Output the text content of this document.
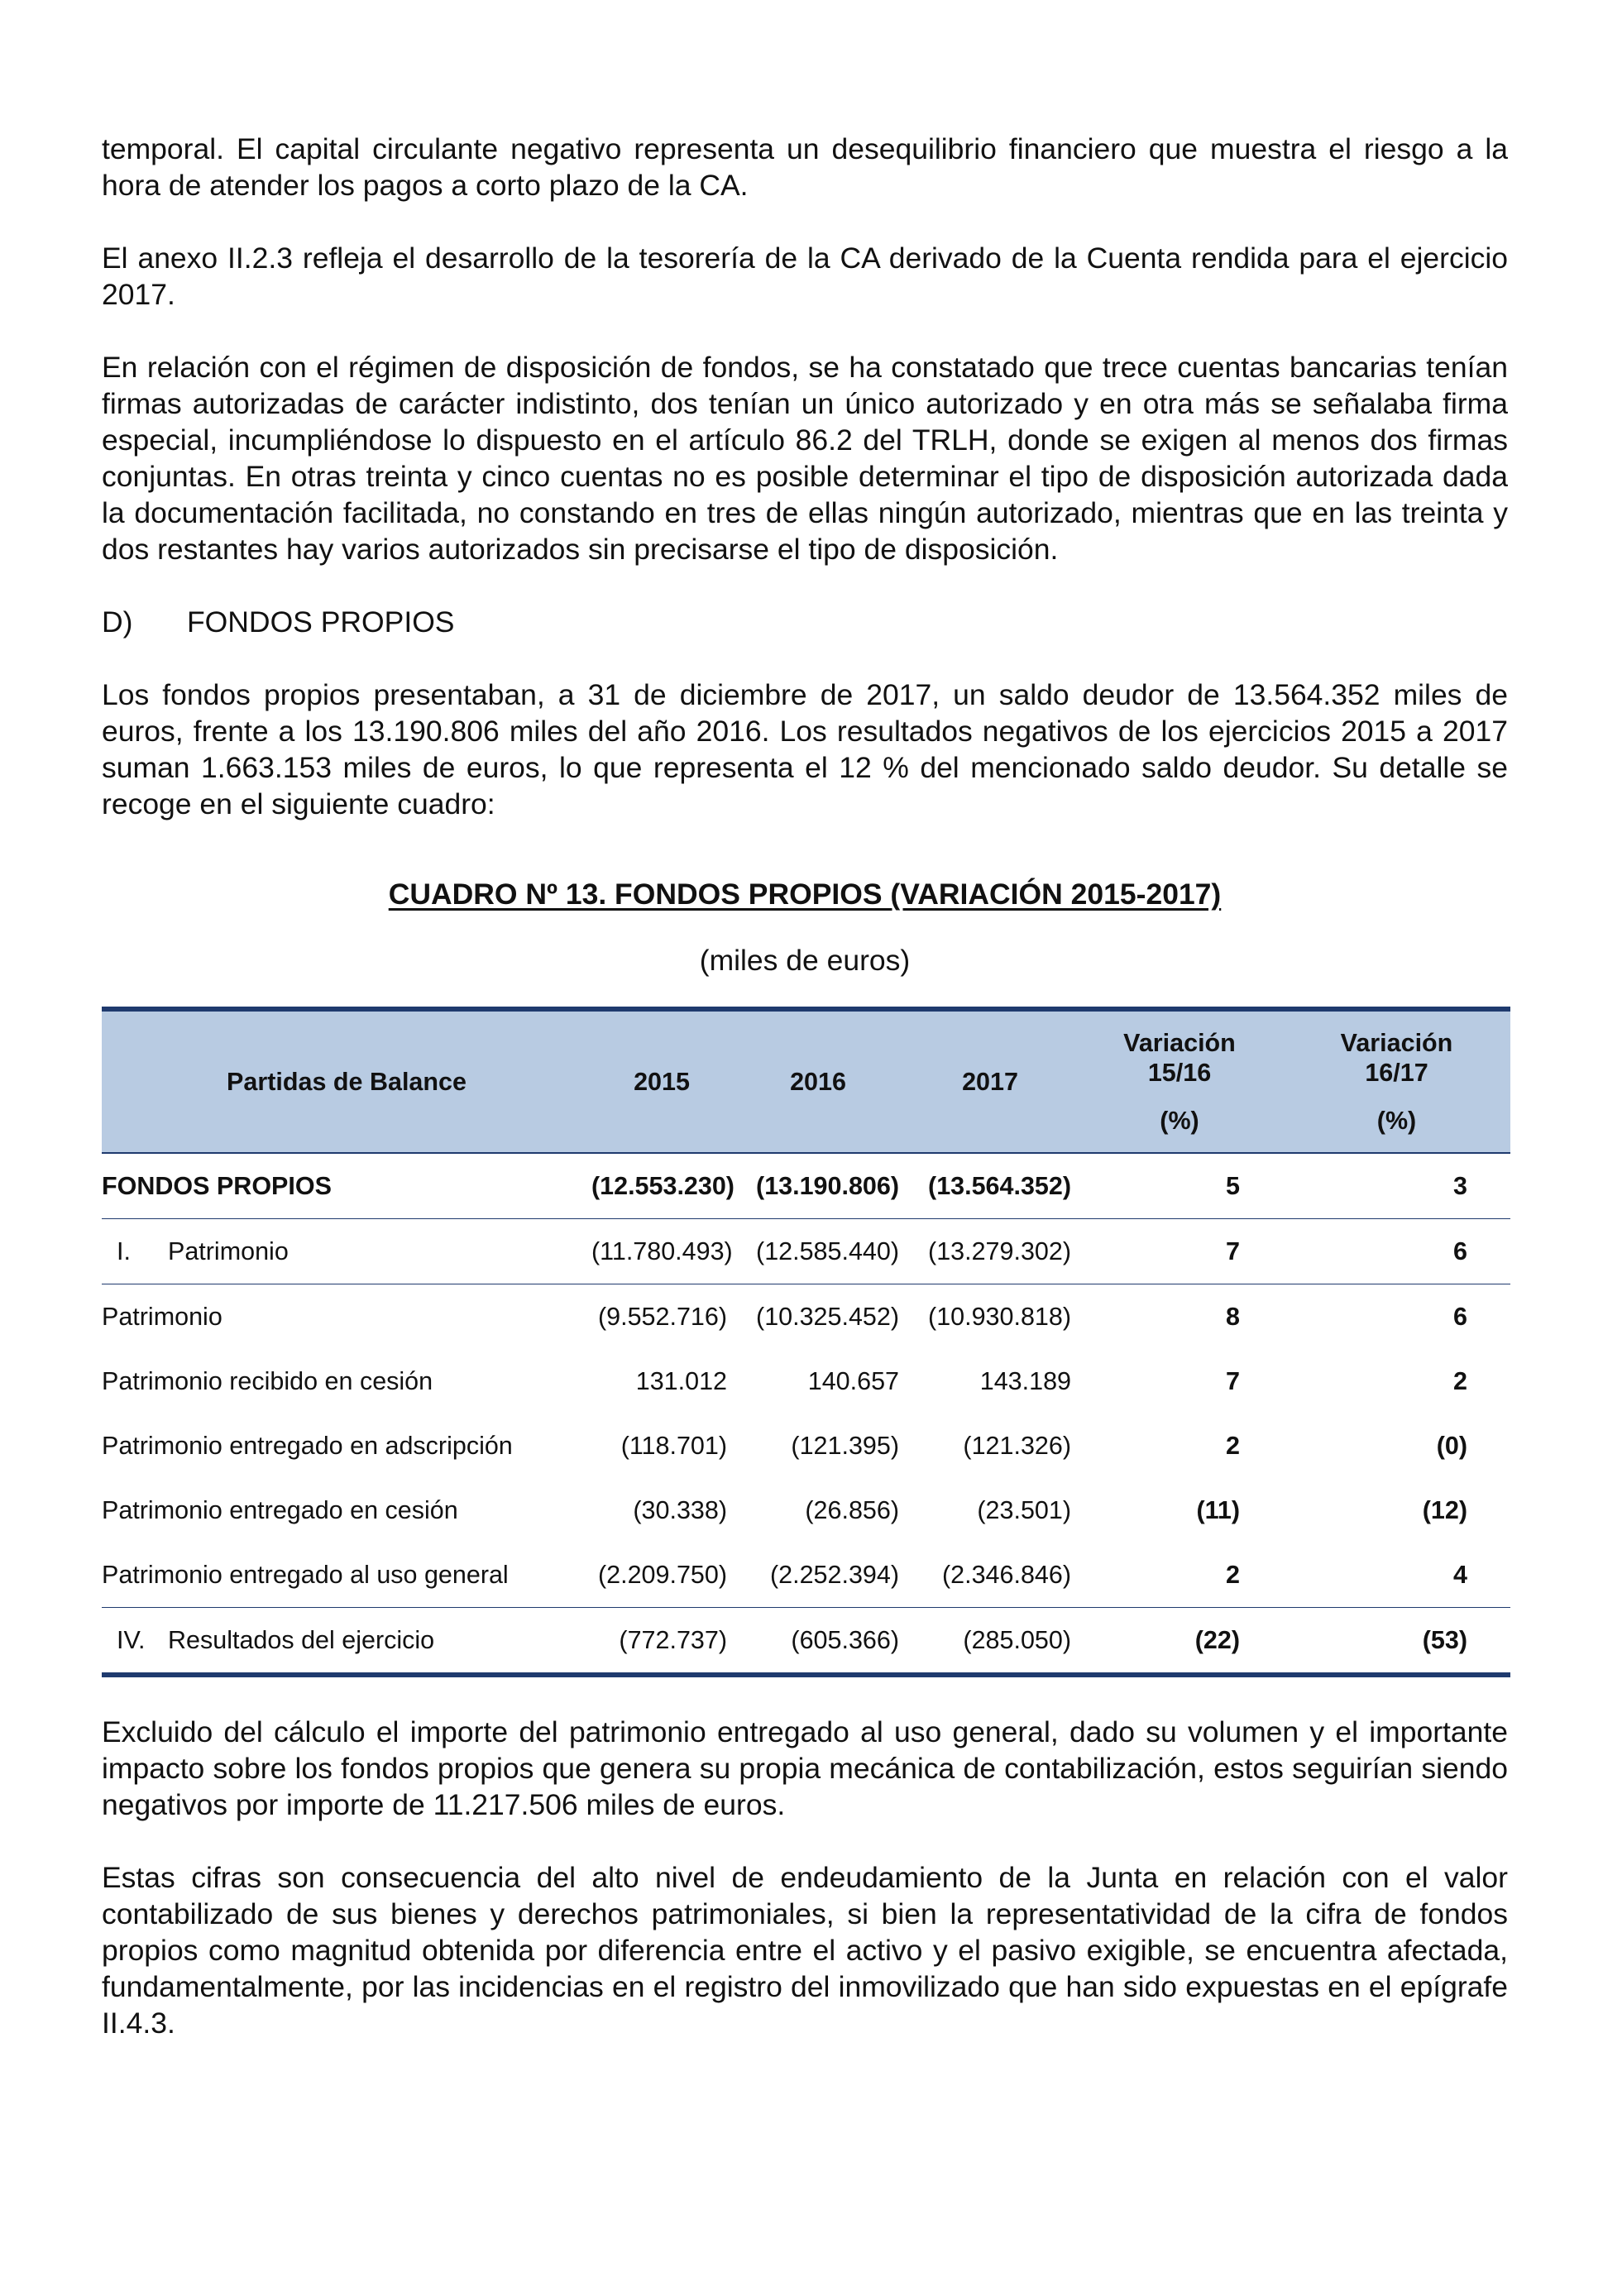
temporal. El capital circulante negativo representa un desequilibrio financiero que muestra el riesgo a la hora de atender los pagos a corto plazo de la CA.

El anexo II.2.3 refleja el desarrollo de la tesorería de la CA derivado de la Cuenta rendida para el ejercicio 2017.

En relación con el régimen de disposición de fondos, se ha constatado que trece cuentas bancarias tenían firmas autorizadas de carácter indistinto, dos tenían un único autorizado y en otra más se señalaba firma especial, incumpliéndose lo dispuesto en el artículo 86.2 del TRLH, donde se exigen al menos dos firmas conjuntas. En otras treinta y cinco cuentas no es posible determinar el tipo de disposición autorizada dada la documentación facilitada, no constando en tres de ellas ningún autorizado, mientras que en las treinta y dos restantes hay varios autorizados sin precisarse el tipo de disposición.

D) FONDOS PROPIOS

Los fondos propios presentaban, a 31 de diciembre de 2017, un saldo deudor de 13.564.352 miles de euros, frente a los 13.190.806 miles del año 2016. Los resultados negativos de los ejercicios 2015 a 2017 suman 1.663.153 miles de euros, lo que representa el 12 % del mencionado saldo deudor. Su detalle se recoge en el siguiente cuadro:

CUADRO Nº 13. FONDOS PROPIOS (VARIACIÓN 2015-2017)
(miles de euros)
Partidas de Balance	2015	2016	2017	Variación
15/16
(%)	Variación
16/17
(%)

FONDOS PROPIOS	(12.553.230)	(13.190.806)	(13.564.352)	5	3
I. Patrimonio	(11.780.493)	(12.585.440)	(13.279.302)	7	6
Patrimonio	(9.552.716)	(10.325.452)	(10.930.818)	8	6
Patrimonio recibido en cesión	131.012	140.657	143.189	7	2
Patrimonio entregado en adscripción	(118.701)	(121.395)	(121.326)	2	(0)
Patrimonio entregado en cesión	(30.338)	(26.856)	(23.501)	(11)	(12)
Patrimonio entregado al uso general	(2.209.750)	(2.252.394)	(2.346.846)	2	4
IV. Resultados del ejercicio	(772.737)	(605.366)	(285.050)	(22)	(53)

Excluido del cálculo el importe del patrimonio entregado al uso general, dado su volumen y el importante impacto sobre los fondos propios que genera su propia mecánica de contabilización, estos seguirían siendo negativos por importe de 11.217.506 miles de euros.

Estas cifras son consecuencia del alto nivel de endeudamiento de la Junta en relación con el valor contabilizado de sus bienes y derechos patrimoniales, si bien la representatividad de la cifra de fondos propios como magnitud obtenida por diferencia entre el activo y el pasivo exigible, se encuentra afectada, fundamentalmente, por las incidencias en el registro del inmovilizado que han sido expuestas en el epígrafe II.4.3.
